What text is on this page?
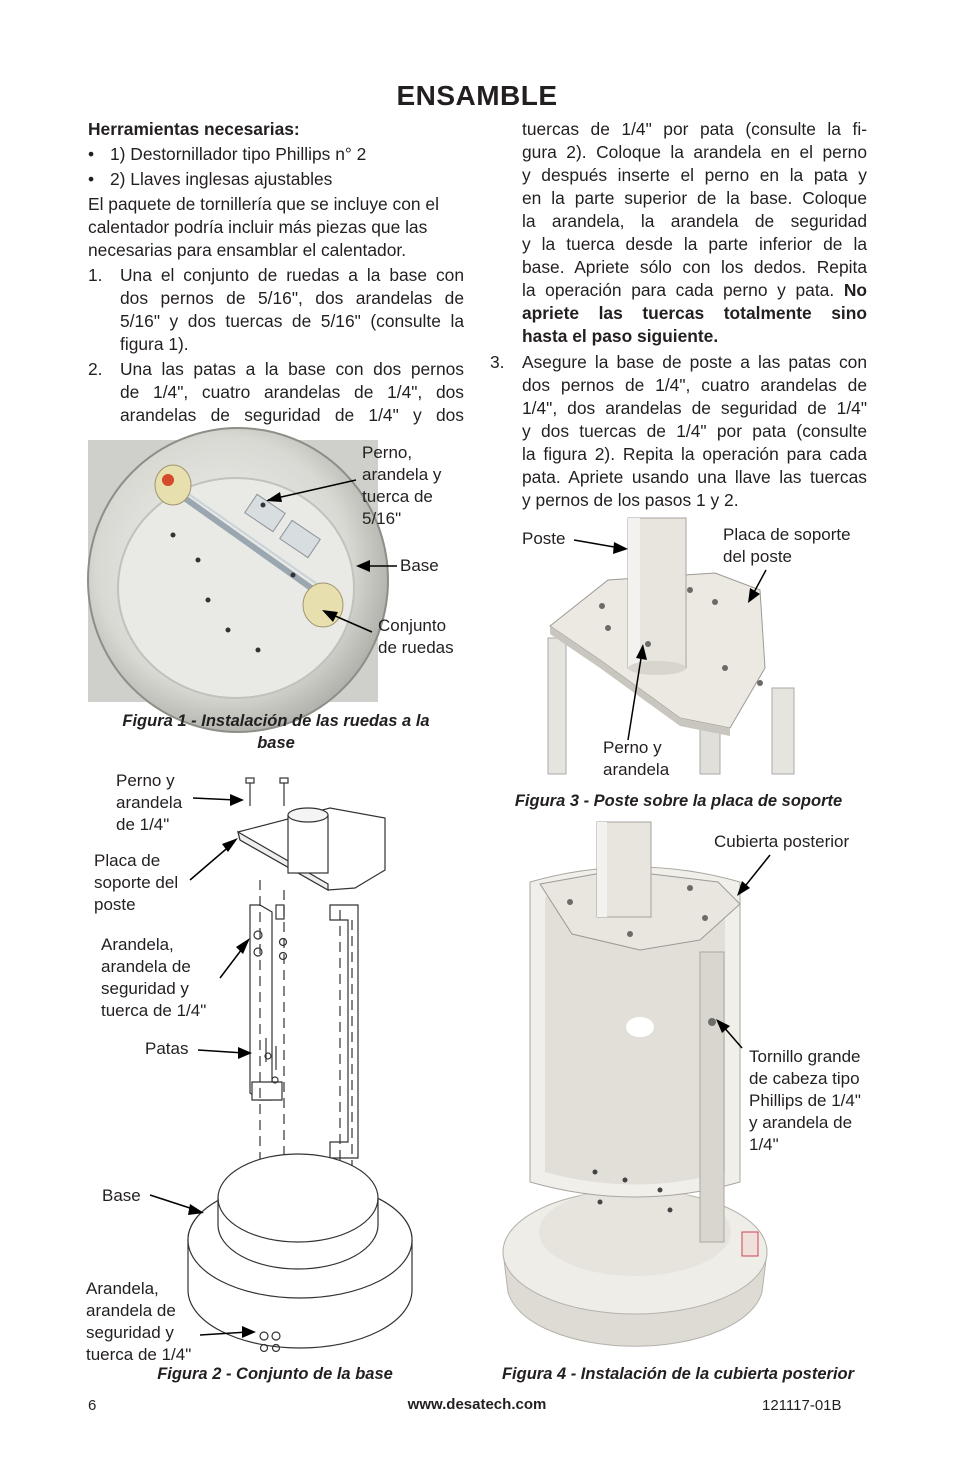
ENSAMBLE
Herramientas necesarias:
• 1) Destornillador tipo Phillips n° 2
• 2) Llaves inglesas ajustables
El paquete de tornillería que se incluye con el
calentador podría incluir más piezas que las
necesarias para ensamblar el calentador.
1.	Una el conjunto de ruedas a la base con
dos pernos de 5/16", dos arandelas de
5/16" y dos tuercas de 5/16" (consulte la
figura 1).
2.	Una las patas a la base con dos pernos
de 1/4", cuatro arandelas de 1/4", dos
arandelas de seguridad de 1/4" y dos
tuercas de 1/4" por pata (consulte la fi-
gura 2). Coloque la arandela en el perno
y después inserte el perno en la pata y
en la parte superior de la base. Coloque
la arandela, la arandela de seguridad
y la tuerca desde la parte inferior de la
base. Apriete sólo con los dedos. Repita
la operación para cada perno y pata. No
apriete las tuercas totalmente sino
hasta el paso siguiente.
3.	Asegure la base de poste a las patas con
dos pernos de 1/4", cuatro arandelas de
1/4", dos arandelas de seguridad de 1/4"
y dos tuercas de 1/4" por pata (consulte
la figura 2). Repita la operación para cada
pata. Apriete usando una llave las tuercas
y pernos de los pasos 1 y 2.
Perno,
arandela y
tuerca de
5/16"
Base
Conjunto
de ruedas
Figura 1 - Instalación de las ruedas a la
base
Perno y
arandela
de 1/4"
Placa de
soporte del
poste
Arandela,
arandela de
seguridad y
tuerca de 1/4"
Patas
Base
Arandela,
arandela de
seguridad y
tuerca de 1/4"
Figura 2 - Conjunto de la base
Poste	Placa de soporte
del poste
Perno y
arandela
Figura 3 - Poste sobre la placa de soporte
Cubierta posterior
Tornillo grande
de cabeza tipo
Phillips de 1/4"
y arandela de
1/4"
Figura 4 - Instalación de la cubierta posterior
6	www.desatech.com	121117-01B
